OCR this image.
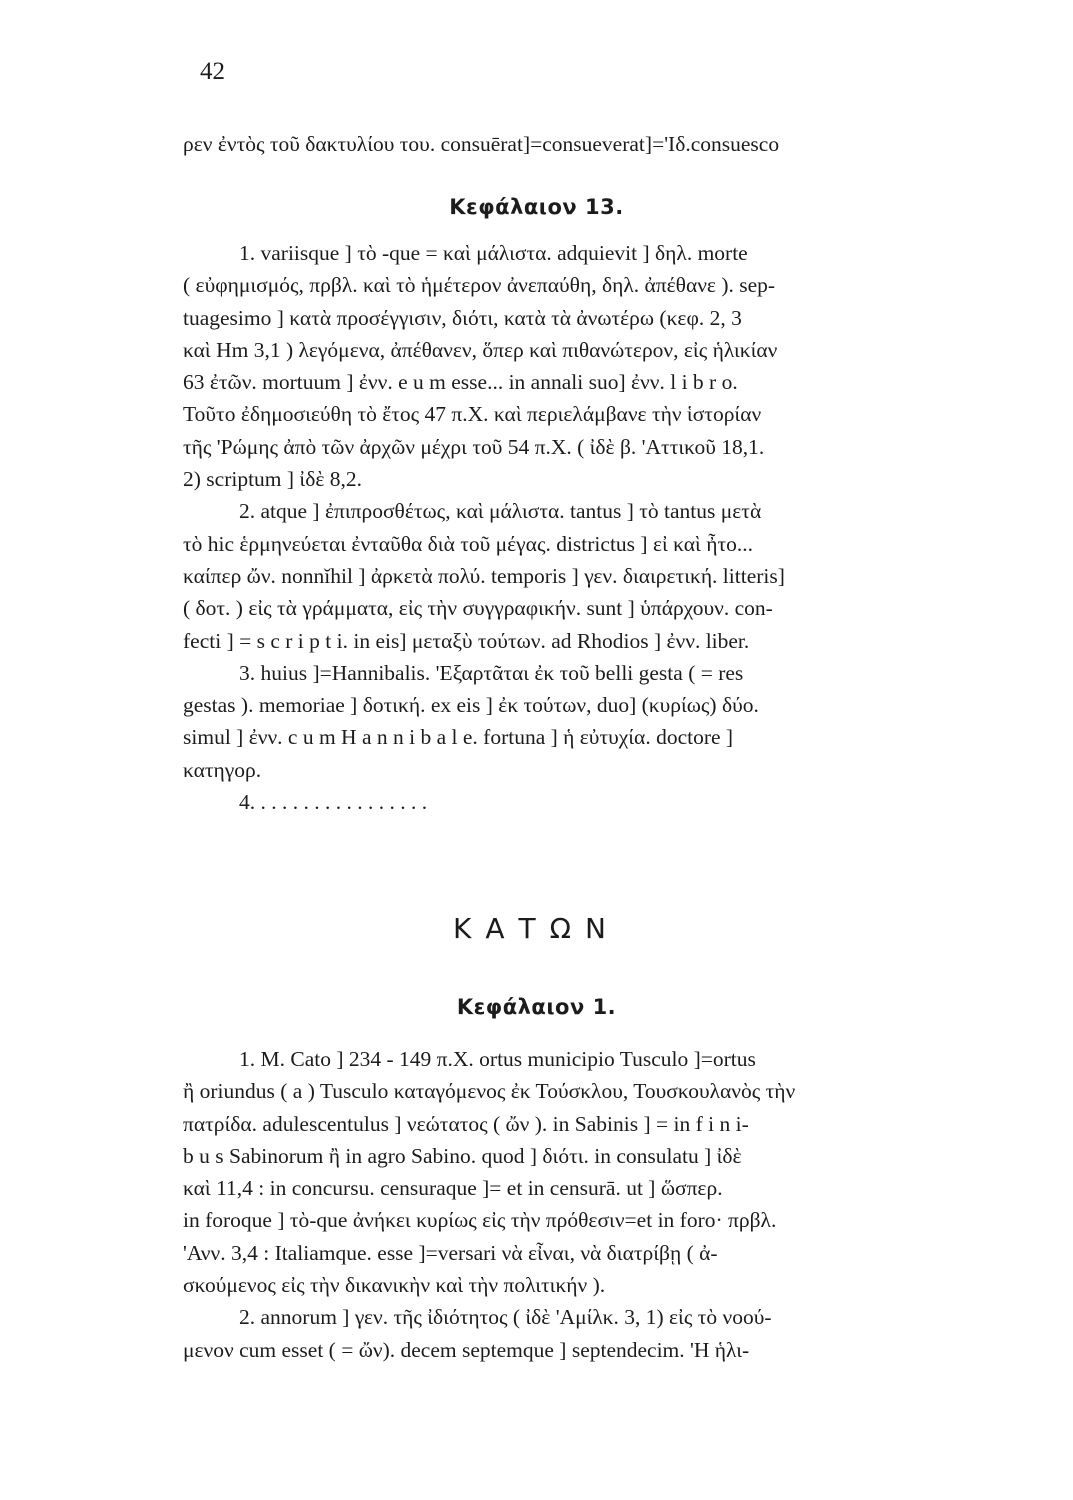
42
ρεν ἐντὸς τοῦ δακτυλίου του. consuērat]=consueverat]='Ιδ.consuesco
Κεφάλαιον 13.
1. variisque ] τὸ -que = καὶ μάλιστα. adquievit ] δηλ. morte
( εὐφημισμός, πρβλ. καὶ τὸ ἡμέτερον ἀνεπαύθη, δηλ. ἀπέθανε ). sep-
tuagesimo ] κατὰ προσέγγισιν, διότι, κατὰ τὰ ἀνωτέρω (κεφ. 2, 3
καὶ Hm 3,1 ) λεγόμενα, ἀπέθανεν, ὅπερ καὶ πιθανώτερον, εἰς ἡλικίαν
63 ἐτῶν. mortuum ] ἐνν. e u m esse... in annali suo] ἐνν. l i b r o.
Τοῦτο ἐδημοσιεύθη τὸ ἔτος 47 π.Χ. καὶ περιελάμβανε τὴν ἱστορίαν
τῆς 'Ρώμης ἀπὸ τῶν ἀρχῶν μέχρι τοῦ 54 π.Χ. ( ἰδὲ β. 'Αττικοῦ 18,1.
2) scriptum ] ἰδὲ 8,2.
2. atque ] ἐπιπροσθέτως, καὶ μάλιστα. tantus ] τὸ tantus μετὰ
τὸ hic ἑρμηνεύεται ἐνταῦθα διὰ τοῦ μέγας. districtus ] εἰ καὶ ἦτο...
καίπερ ὤν. nonnĭhil ] ἀρκετὰ πολύ. temporis ] γεν. διαιρετική. litteris]
( δοτ. ) εἰς τὰ γράμματα, εἰς τὴν συγγραφικήν. sunt ] ὑπάρχουν. con-
fecti ] = s c r i p t i. in eis] μεταξὺ τούτων. ad Rhodios ] ἐνν. liber.
3. huius ]=Hannibalis. 'Εξαρτᾶται ἐκ τοῦ belli gesta ( = res
gestas ). memoriae ] δοτική. ex eis ] ἐκ τούτων, duo] (κυρίως) δύο.
simul ] ἐνν. c u m H a n n i b a l e. fortuna ] ἡ εὐτυχία. doctore ]
κατηγορ.
4. . . . . . . . . . . . . . . . .
ΚΑΤΩΝ
Κεφάλαιον 1.
1. M. Cato ] 234 - 149 π.Χ. ortus municipio Tusculo ]=ortus
ἢ oriundus ( a ) Tusculo καταγόμενος ἐκ Τούσκλου, Τουσκουλανὸς τὴν
πατρίδα. adulescentulus ] νεώτατος ( ὤν ). in Sabinis ] = in f i n i-
b u s Sabinorum ἢ in agro Sabino. quod ] διότι. in consulatu ] ἰδὲ
καὶ 11,4 : in concursu. censuraque ]= et in censurā. ut ] ὥσπερ.
in foroque ] τὸ-que ἀνήκει κυρίως εἰς τὴν πρόθεσιν=et in foro· πρβλ.
'Ανν. 3,4 : Italiamque. esse ]=versari νὰ εἶναι, νὰ διατρίβῃ ( ἀ-
σκούμενος εἰς τὴν δικανικὴν καὶ τὴν πολιτικήν ).
2. annorum ] γεν. τῆς ἰδιότητος ( ἰδὲ 'Αμίλκ. 3, 1) εἰς τὸ νοού-
μενον cum esset ( = ὤν). decem septemque ] septendecim. 'Η ἡλι-
